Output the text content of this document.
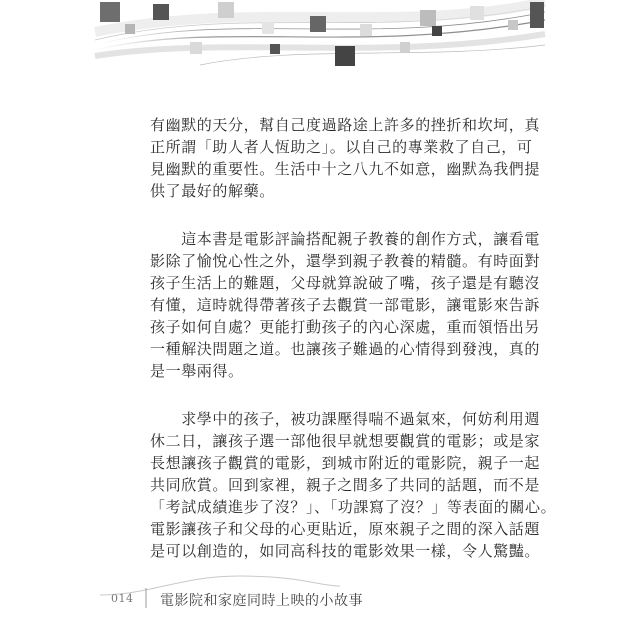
有幽默的天分，幫自己度過路途上許多的挫折和坎坷，真
正所謂「助人者人恆助之」。以自己的專業救了自己，可
見幽默的重要性。生活中十之八九不如意，幽默為我們提
供了最好的解藥。

　　這本書是電影評論搭配親子教養的創作方式，讓看電
影除了愉悅心性之外，還學到親子教養的精髓。有時面對
孩子生活上的難題，父母就算說破了嘴，孩子還是有聽沒
有懂，這時就得帶著孩子去觀賞一部電影，讓電影來告訴
孩子如何自處？更能打動孩子的內心深處，重而領悟出另
一種解決問題之道。也讓孩子難過的心情得到發洩，真的
是一舉兩得。

　　求學中的孩子，被功課壓得喘不過氣來，何妨利用週
休二日，讓孩子選一部他很早就想要觀賞的電影；或是家
長想讓孩子觀賞的電影，到城市附近的電影院，親子一起
共同欣賞。回到家裡，親子之間多了共同的話題，而不是
「考試成績進步了沒？」、「功課寫了沒？」等表面的關心。
電影讓孩子和父母的心更貼近，原來親子之間的深入話題
是可以創造的，如同高科技的電影效果一樣，令人驚豔。

014 電影院和家庭同時上映的小故事
